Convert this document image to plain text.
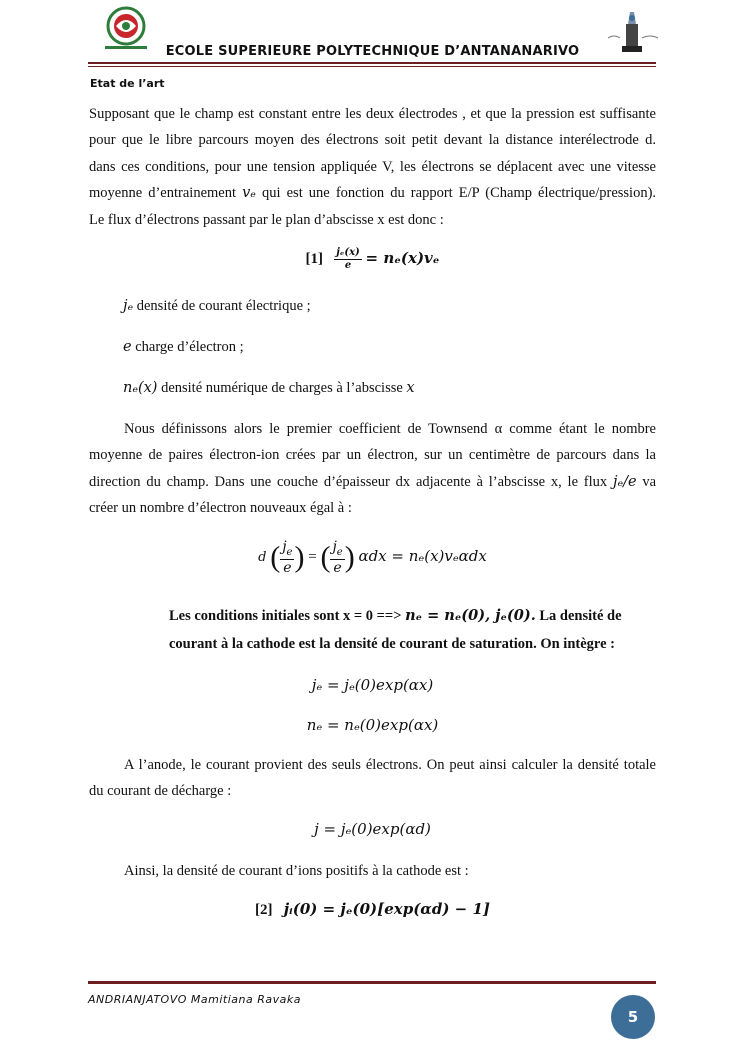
ECOLE SUPERIEURE POLYTECHNIQUE D’ANTANANARIVO
Etat de l’art
Supposant que le champ est constant entre les deux électrodes , et que la pression est suffisante
pour que le libre parcours moyen des électrons soit petit devant la distance interélectrode d.
dans ces conditions, pour une tension appliquée V, les électrons se déplacent avec une vitesse
moyenne d’entrainement vₑ qui est une fonction du rapport E/P (Champ électrique/pression).
Le flux d’électrons passant par le plan d’abscisse x est donc :
$[1] \frac{\text{jₑ(x)}}{e} = n_e(x)v_e$
jₑ densité de courant électrique ;
e charge d’électron ;
nₑ(x) densité numérique de charges à l’abscisse x
Nous définissons alors le premier coefficient de Townsend α comme étant le nombre
moyenne de paires électron-ion crées par un électron, sur un centimètre de parcours dans la
direction du champ. Dans une couche d’épaisseur dx adjacente à l’abscisse x, le flux jₑ/e va
créer un nombre d’électron nouveaux égal à :
d ( $\frac{j_e}{e}$ ) = ( $\frac{j_e}{e}$ ) αdx = nₑ(x)vₑαdx
Les conditions initiales sont x = 0 ==> nₑ = nₑ(0), jₑ(0). La densité de
courant à la cathode est la densité de courant de saturation. On intègre :
jₑ = jₑ(0)exp(αx)
nₑ = nₑ(0)exp(αx)
A l’anode, le courant provient des seuls électrons. On peut ainsi calculer la densité totale
du courant de décharge :
j = jₑ(0)exp(αd)
Ainsi, la densité de courant d’ions positifs à la cathode est :
[2] jᵢ(0) = jₑ(0)[exp(αd) − 1]
ANDRIANJATOVO Mamitiana Ravaka
5
